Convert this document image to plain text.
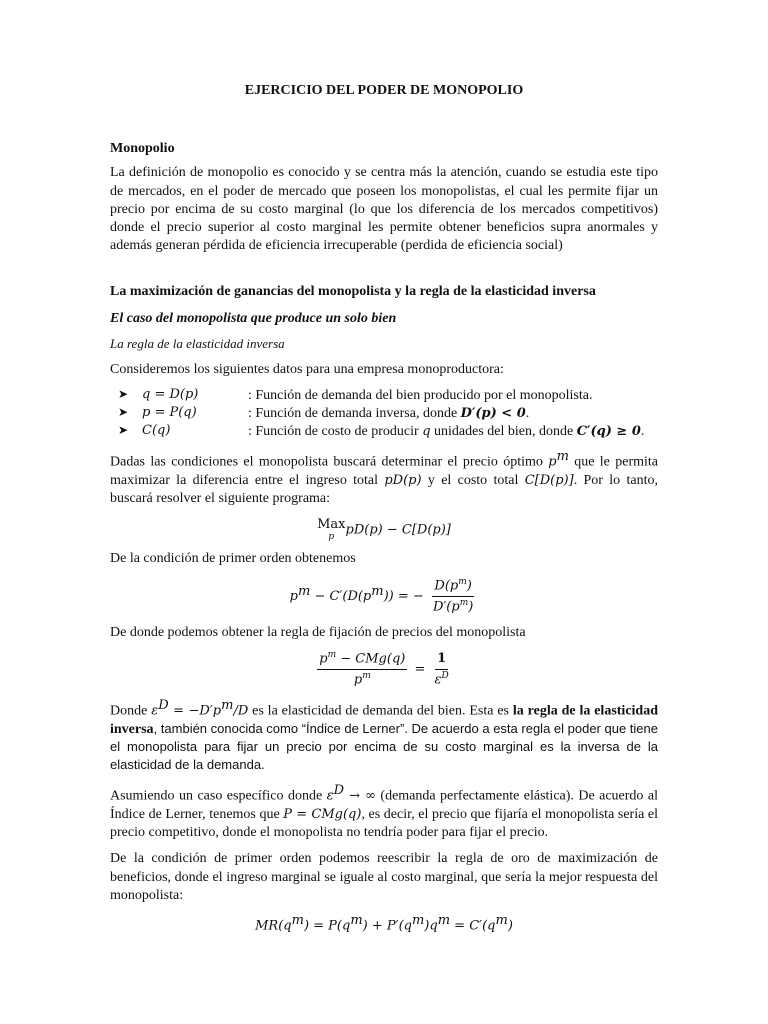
EJERCICIO DEL PODER DE MONOPOLIO
Monopolio
La definición de monopolio es conocido y se centra más la atención, cuando se estudia este tipo de mercados, en el poder de mercado que poseen los monopolistas, el cual les permite fijar un precio por encima de su costo marginal (lo que los diferencia de los mercados competitivos) donde el precio superior al costo marginal les permite obtener beneficios supra anormales y además generan pérdida de eficiencia irrecuperable (perdida de eficiencia social)
La maximización de ganancias del monopolista y la regla de la elasticidad inversa
El caso del monopolista que produce un solo bien
La regla de la elasticidad inversa
Consideremos los siguientes datos para una empresa monoproductora:
➤	q = D(p)	: Función de demanda del bien producido por el monopolista.
➤	p = P(q)	: Función de demanda inversa, donde D′(p) < 0.
➤	C(q)	: Función de costo de producir q unidades del bien, donde C′(q) ≥ 0.
Dadas las condiciones el monopolista buscará determinar el precio óptimo $p^m$ que le permita maximizar la diferencia entre el ingreso total pD(p) y el costo total C[D(p)]. Por lo tanto, buscará resolver el siguiente programa:
Max
p
pD(p) − C[D(p)]
De la condición de primer orden obtenemos
$p^m - C'(D(p^m))$ = − $\frac{D(p^m)}{D'(p^m)}$
De donde podemos obtener la regla de fijación de precios del monopolista
$\frac{p^m - CMg(q)}{p^m} = \frac{1}{\varepsilon^D}$
Donde $\varepsilon^D = -D'p^m/D$ es la elasticidad de demanda del bien. Esta es la regla de la elasticidad inversa, también conocida como “Índice de Lerner”. De acuerdo a esta regla el poder que tiene el monopolista para fijar un precio por encima de su costo marginal es la inversa de la elasticidad de la demanda.
Asumiendo un caso específico donde $\varepsilon^D$ → ∞ (demanda perfectamente elástica). De acuerdo al Índice de Lerner, tenemos que P = CMg(q), es decir, el precio que fijaría el monopolista sería el precio competitivo, donde el monopolista no tendría poder para fijar el precio.
De la condición de primer orden podemos reescribir la regla de oro de maximización de beneficios, donde el ingreso marginal se iguale al costo marginal, que sería la mejor respuesta del monopolista:
$MR(q^m) = P(q^m) + P'(q^m)q^m = C'(q^m)$
